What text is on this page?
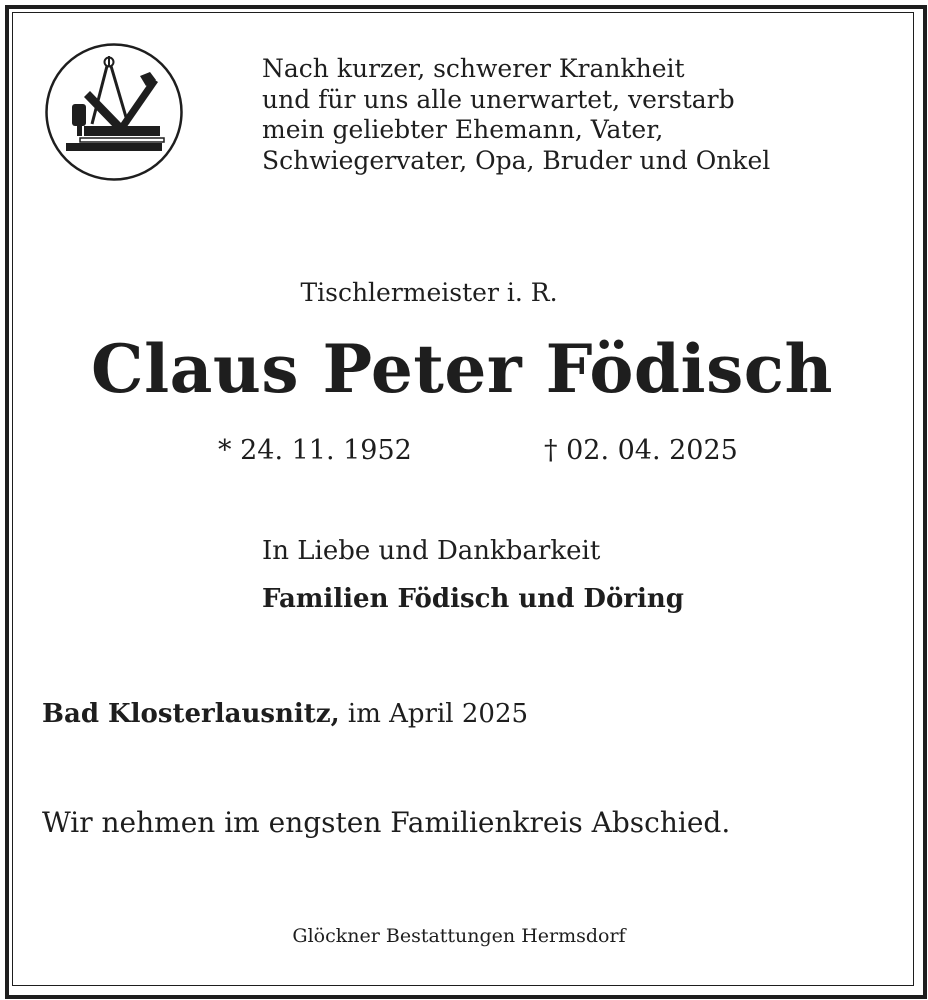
Nach kurzer, schwerer Krankheit
und für uns alle unerwartet, verstarb
mein geliebter Ehemann, Vater,
Schwiegervater, Opa, Bruder und Onkel
Tischlermeister i. R.
Claus Peter Födisch
* 24. 11. 1952	† 02. 04. 2025
In Liebe und Dankbarkeit
Familien Födisch und Döring
Bad Klosterlausnitz, im April 2025
Wir nehmen im engsten Familienkreis Abschied.
Glöckner Bestattungen Hermsdorf
